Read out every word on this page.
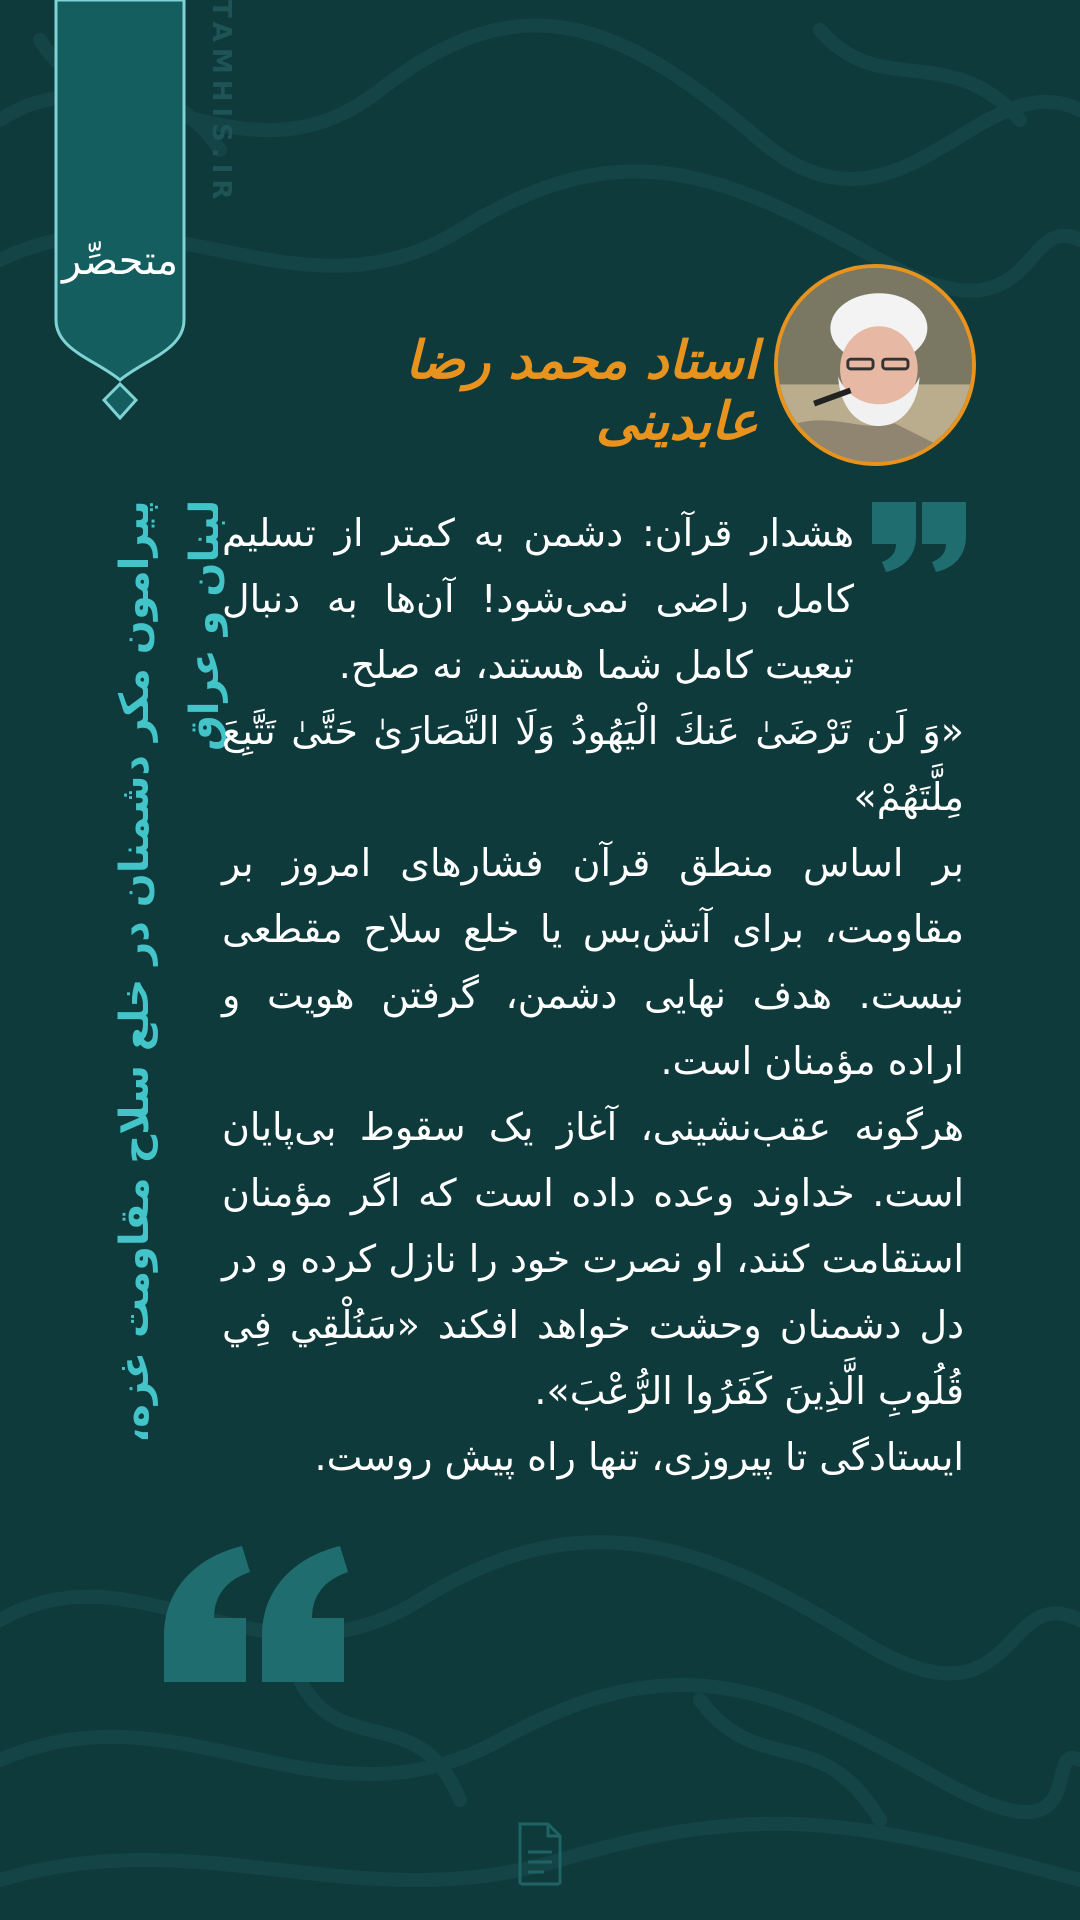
متحصِّر
TAMHIS.IR
استاد محمد رضا عابدینی
پیرامون مکر دشمنان در خلع سلاح مقاومت غزه، لبنان و عراق

هشدار قرآن: دشمن به کمتر از تسلیم کامل راضی نمی‌شود! آن‌ها به دنبال تبعیت کامل شما هستند، نه صلح.

«وَ لَن تَرْضَىٰ عَنكَ الْيَهُودُ وَلَا النَّصَارَىٰ حَتَّىٰ تَتَّبِعَ مِلَّتَهُمْ»

بر اساس منطق قرآن فشارهای امروز بر مقاومت، برای آتش‌بس یا خلع سلاح مقطعی نیست. هدف نهایی دشمن، گرفتن هویت و اراده مؤمنان است.

هرگونه عقب‌نشینی، آغاز یک سقوط بی‌پایان است. خداوند وعده داده است که اگر مؤمنان استقامت کنند، او نصرت خود را نازل کرده و در دل دشمنان وحشت خواهد افکند «سَنُلْقِي فِي قُلُوبِ الَّذِينَ كَفَرُوا الرُّعْبَ».

ایستادگی تا پیروزی، تنها راه پیش روست.
